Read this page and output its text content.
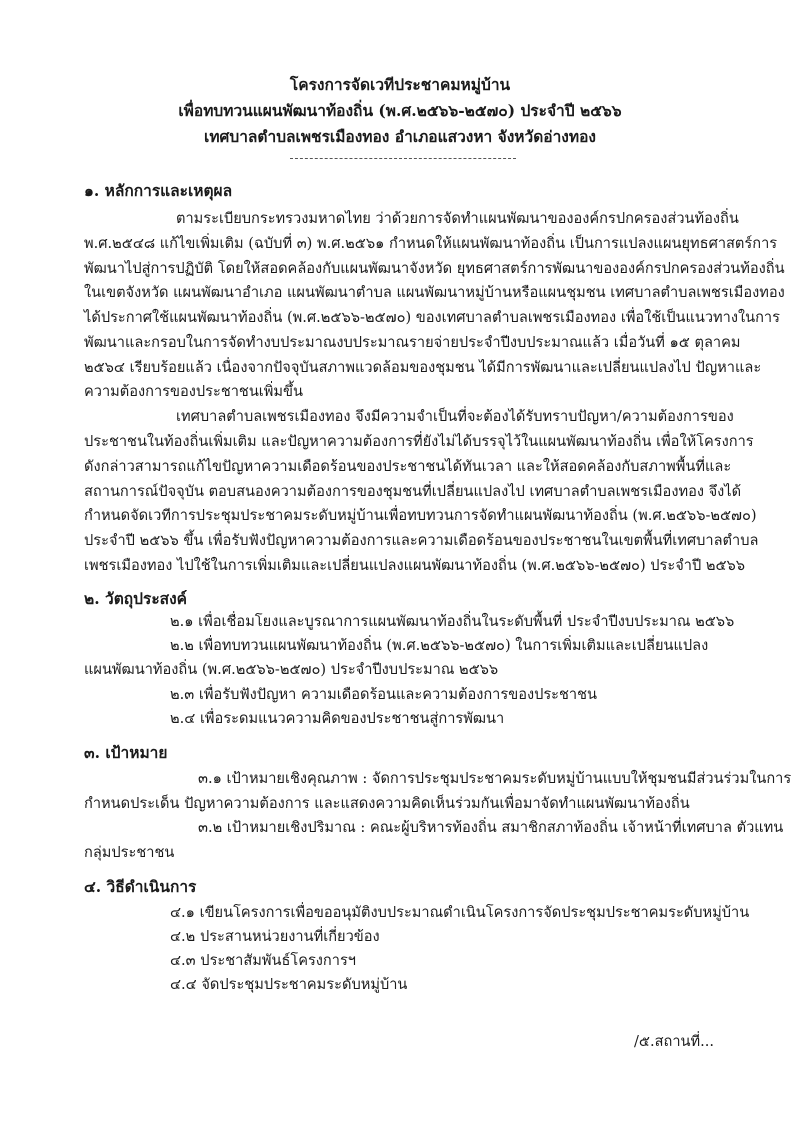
โครงการจัดเวทีประชาคมหมู่บ้าน
เพื่อทบทวนแผนพัฒนาท้องถิ่น (พ.ศ.๒๕๖๖-๒๕๗๐) ประจำปี ๒๕๖๖
เทศบาลตำบลเพชรเมืองทอง อำเภอแสวงหา จังหวัดอ่างทอง
๑. หลักการและเหตุผล
ตามระเบียบกระทรวงมหาดไทย ว่าด้วยการจัดทำแผนพัฒนาขององค์กรปกครองส่วนท้องถิ่น
พ.ศ.๒๕๔๘ แก้ไขเพิ่มเติม (ฉบับที่ ๓) พ.ศ.๒๕๖๑ กำหนดให้แผนพัฒนาท้องถิ่น เป็นการแปลงแผนยุทธศาสตร์การ
พัฒนาไปสู่การปฏิบัติ โดยให้สอดคล้องกับแผนพัฒนาจังหวัด ยุทธศาสตร์การพัฒนาขององค์กรปกครองส่วนท้องถิ่น
ในเขตจังหวัด แผนพัฒนาอำเภอ แผนพัฒนาตำบล แผนพัฒนาหมู่บ้านหรือแผนชุมชน เทศบาลตำบลเพชรเมืองทอง
ได้ประกาศใช้แผนพัฒนาท้องถิ่น (พ.ศ.๒๕๖๖-๒๕๗๐) ของเทศบาลตำบลเพชรเมืองทอง เพื่อใช้เป็นแนวทางในการ
พัฒนาและกรอบในการจัดทำงบประมาณงบประมาณรายจ่ายประจำปีงบประมาณแล้ว เมื่อวันที่ ๑๕ ตุลาคม
๒๕๖๔ เรียบร้อยแล้ว เนื่องจากปัจจุบันสภาพแวดล้อมของชุมชน ได้มีการพัฒนาและเปลี่ยนแปลงไป ปัญหาและ
ความต้องการของประชาชนเพิ่มขึ้น
เทศบาลตำบลเพชรเมืองทอง จึงมีความจำเป็นที่จะต้องได้รับทราบปัญหา/ความต้องการของ
ประชาชนในท้องถิ่นเพิ่มเติม และปัญหาความต้องการที่ยังไม่ได้บรรจุไว้ในแผนพัฒนาท้องถิ่น เพื่อให้โครงการ
ดังกล่าวสามารถแก้ไขปัญหาความเดือดร้อนของประชาชนได้ทันเวลา และให้สอดคล้องกับสภาพพื้นที่และ
สถานการณ์ปัจจุบัน ตอบสนองความต้องการของชุมชนที่เปลี่ยนแปลงไป เทศบาลตำบลเพชรเมืองทอง จึงได้
กำหนดจัดเวทีการประชุมประชาคมระดับหมู่บ้านเพื่อทบทวนการจัดทำแผนพัฒนาท้องถิ่น (พ.ศ.๒๕๖๖-๒๕๗๐)
ประจำปี ๒๕๖๖ ขึ้น เพื่อรับฟังปัญหาความต้องการและความเดือดร้อนของประชาชนในเขตพื้นที่เทศบาลตำบล
เพชรเมืองทอง ไปใช้ในการเพิ่มเติมและเปลี่ยนแปลงแผนพัฒนาท้องถิ่น (พ.ศ.๒๕๖๖-๒๕๗๐) ประจำปี ๒๕๖๖
๒. วัตถุประสงค์
๒.๑ เพื่อเชื่อมโยงและบูรณาการแผนพัฒนาท้องถิ่นในระดับพื้นที่ ประจำปีงบประมาณ ๒๕๖๖
๒.๒ เพื่อทบทวนแผนพัฒนาท้องถิ่น (พ.ศ.๒๕๖๖-๒๕๗๐) ในการเพิ่มเติมและเปลี่ยนแปลง
แผนพัฒนาท้องถิ่น (พ.ศ.๒๕๖๖-๒๕๗๐) ประจำปีงบประมาณ ๒๕๖๖
๒.๓ เพื่อรับฟังปัญหา ความเดือดร้อนและความต้องการของประชาชน
๒.๔ เพื่อระดมแนวความคิดของประชาชนสู่การพัฒนา
๓. เป้าหมาย
๓.๑ เป้าหมายเชิงคุณภาพ : จัดการประชุมประชาคมระดับหมู่บ้านแบบให้ชุมชนมีส่วนร่วมในการ
กำหนดประเด็น ปัญหาความต้องการ และแสดงความคิดเห็นร่วมกันเพื่อมาจัดทำแผนพัฒนาท้องถิ่น
๓.๒ เป้าหมายเชิงปริมาณ : คณะผู้บริหารท้องถิ่น สมาชิกสภาท้องถิ่น เจ้าหน้าที่เทศบาล ตัวแทน
กลุ่มประชาชน
๔. วิธีดำเนินการ
๔.๑ เขียนโครงการเพื่อขออนุมัติงบประมาณดำเนินโครงการจัดประชุมประชาคมระดับหมู่บ้าน
๔.๒ ประสานหน่วยงานที่เกี่ยวข้อง
๔.๓ ประชาสัมพันธ์โครงการฯ
๔.๔ จัดประชุมประชาคมระดับหมู่บ้าน
/๕.สถานที่...
